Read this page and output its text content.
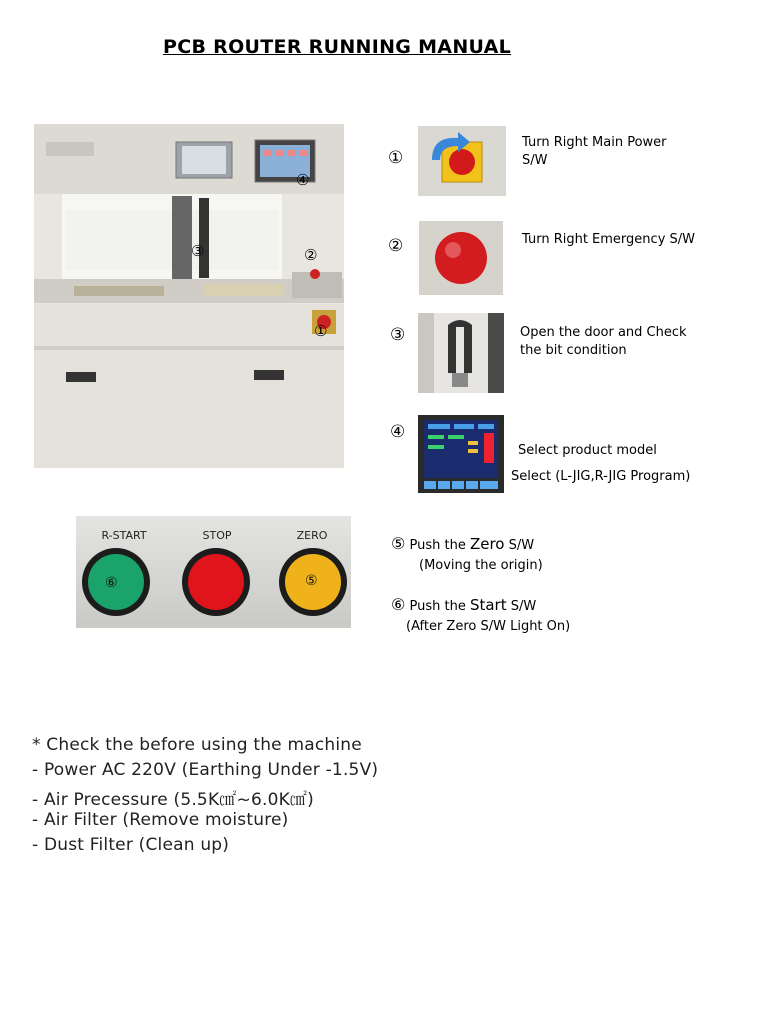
PCB ROUTER RUNNING MANUAL
④
③	②
①
①
Turn Right Main Power
S/W
②	Turn Right Emergency S/W
③	Open the door and Check
the bit condition
④
Select product model
Select (L-JIG,R-JIG Program)
R-START	STOP	ZERO
⑥	⑤
⑤ Push the Zero S/W
(Moving the origin)
⑥ Push the Start S/W
(After Zero S/W Light On)
* Check the before using the machine
- Power AC 220V (Earthing Under -1.5V)
- Air Precessure (5.5K㎠~6.0K㎠)
- Air Filter (Remove moisture)
- Dust Filter (Clean up)
